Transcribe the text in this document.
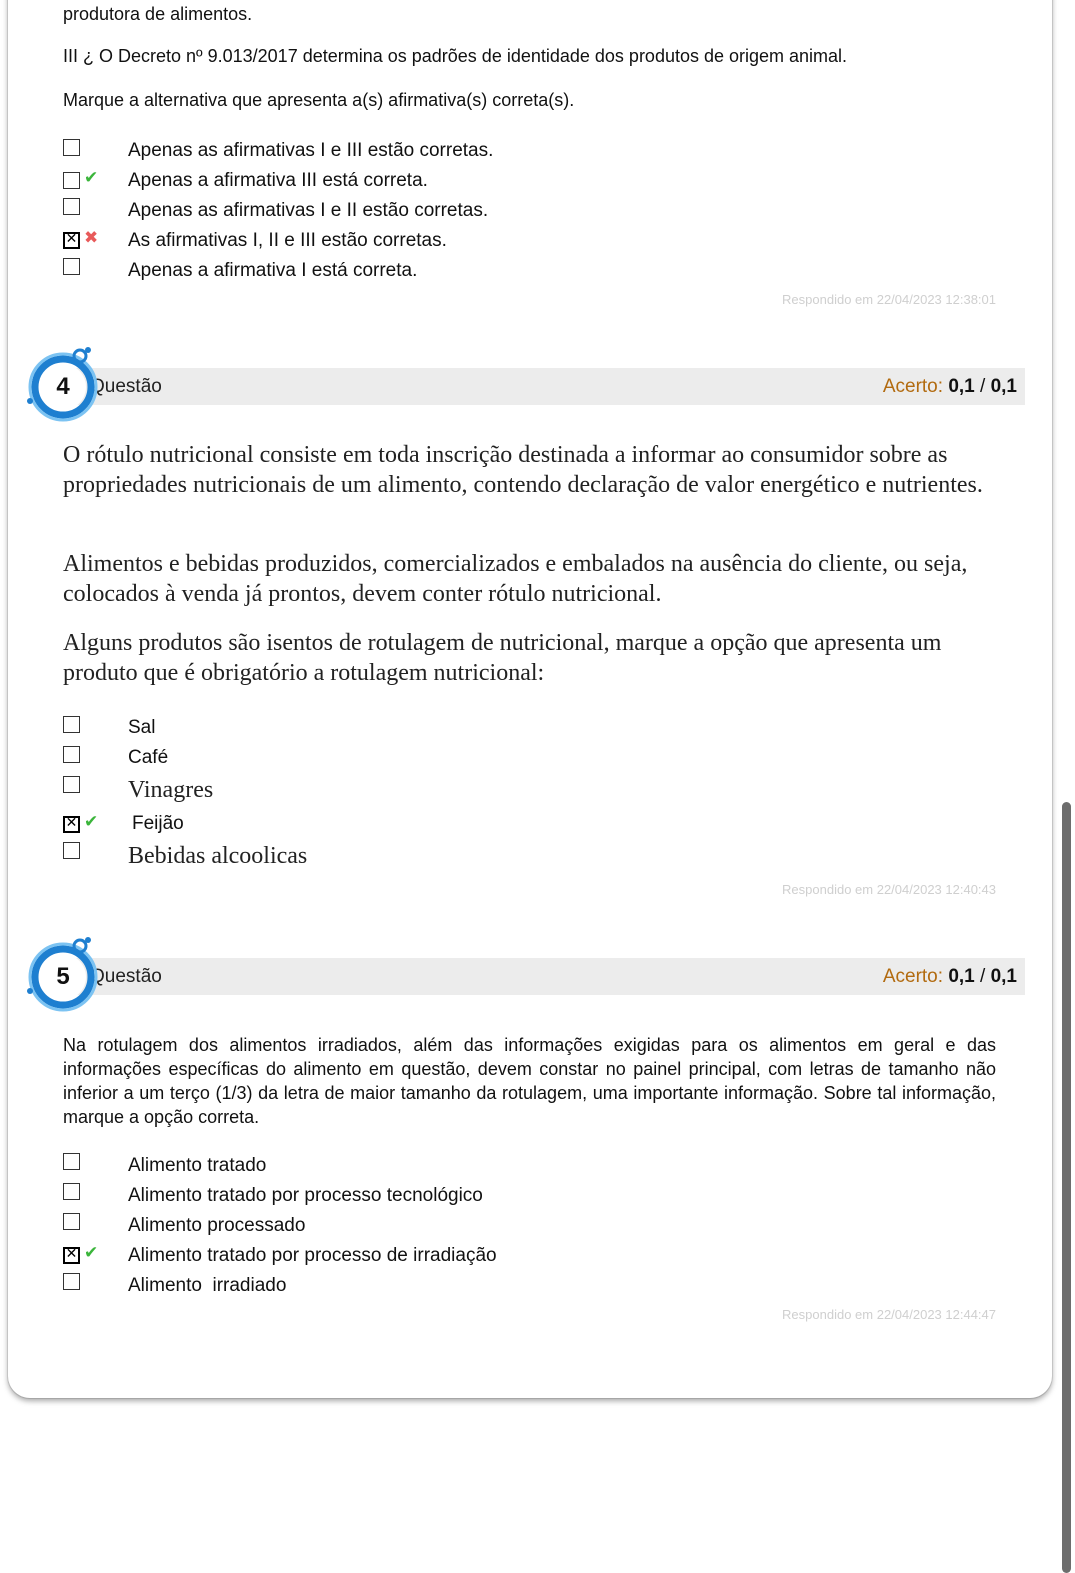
produtora de alimentos.
III ¿ O Decreto nº 9.013/2017 determina os padrões de identidade dos produtos de origem animal.
Marque a alternativa que apresenta a(s) afirmativa(s) correta(s).
Apenas as afirmativas I e III estão corretas.
✔ Apenas a afirmativa III está correta.
Apenas as afirmativas I e II estão corretas.
✕
✖ As afirmativas I, II e III estão corretas.
Apenas a afirmativa I está correta.
Respondido em 22/04/2023 12:38:01
Questão	Acerto: 0,1 / 0,1
4
O rótulo nutricional consiste em toda inscrição destinada a informar ao consumidor sobre as propriedades nutricionais de um alimento, contendo declaração de valor energético e nutrientes.
Alimentos e bebidas produzidos, comercializados e embalados na ausência do cliente, ou seja, colocados à venda já prontos, devem conter rótulo nutricional.
Alguns produtos são isentos de rotulagem de nutricional, marque a opção que apresenta um produto que é obrigatório a rotulagem nutricional:
Sal
Café
Vinagres
✕
✔ Feijão
Bebidas alcoolicas
Respondido em 22/04/2023 12:40:43
Questão	Acerto: 0,1 / 0,1
5
Na rotulagem dos alimentos irradiados, além das informações exigidas para os alimentos em geral e das informações específicas do alimento em questão, devem constar no painel principal, com letras de tamanho não inferior a um terço (1/3) da letra de maior tamanho da rotulagem, uma importante informação. Sobre tal informação, marque a opção correta.
Alimento tratado
Alimento tratado por processo tecnológico
Alimento processado
✕
✔ Alimento tratado por processo de irradiação
Alimento  irradiado
Respondido em 22/04/2023 12:44:47
